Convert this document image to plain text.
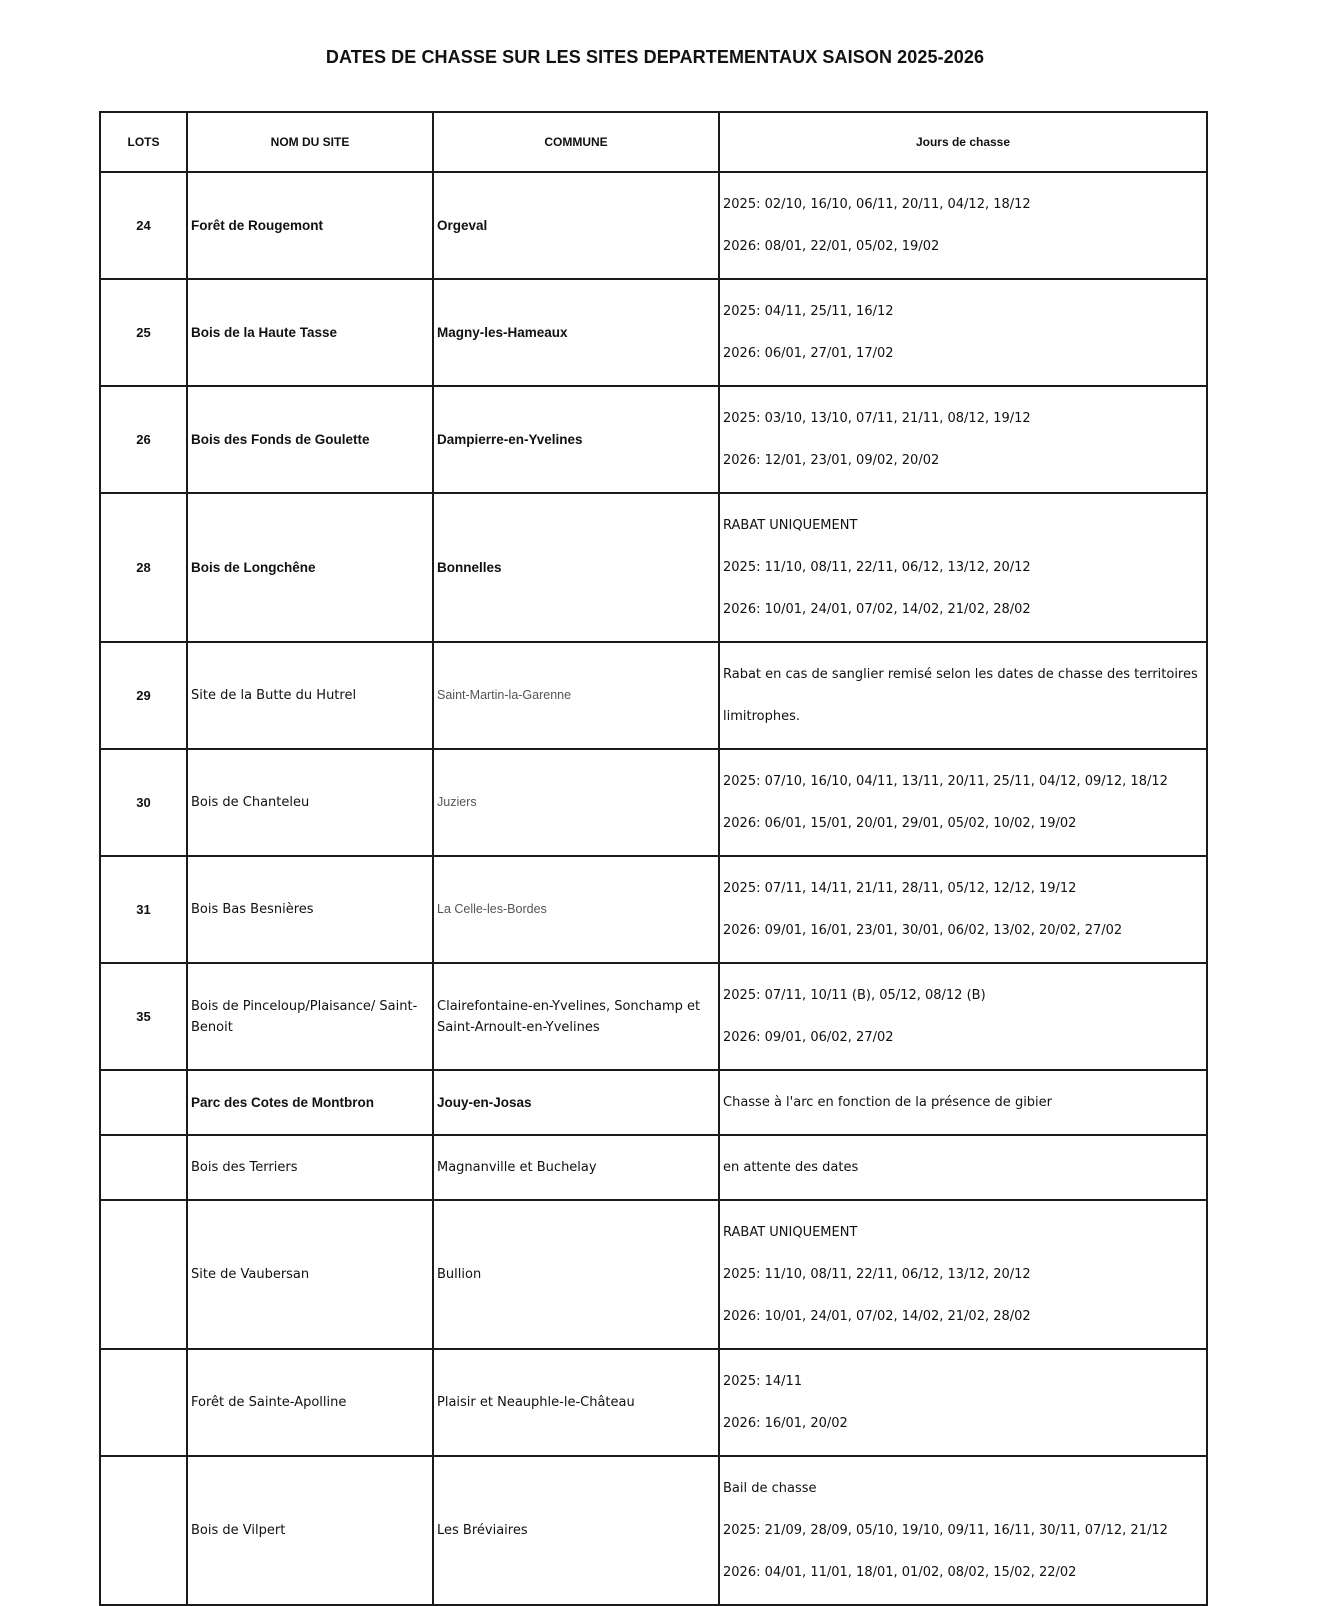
DATES DE CHASSE SUR LES SITES DEPARTEMENTAUX SAISON 2025-2026
LOTS	NOM DU SITE	COMMUNE	Jours de chasse
24	Forêt de Rougemont	Orgeval	2025: 02/10, 16/10, 06/11, 20/11, 04/12, 18/12

2026: 08/01, 22/01, 05/02, 19/02

25	Bois de la Haute Tasse	Magny-les-Hameaux	2025: 04/11, 25/11, 16/12

2026: 06/01, 27/01, 17/02

26	Bois des Fonds de Goulette	Dampierre-en-Yvelines	2025: 03/10, 13/10, 07/11, 21/11, 08/12, 19/12

2026: 12/01, 23/01, 09/02, 20/02

28	Bois de Longchêne	Bonnelles	RABAT UNIQUEMENT

2025: 11/10, 08/11, 22/11, 06/12, 13/12, 20/12

2026: 10/01, 24/01, 07/02, 14/02, 21/02, 28/02

29	Site de la Butte du Hutrel	Saint-Martin-la-Garenne	Rabat en cas de sanglier remisé selon les dates de chasse des territoires

limitrophes.

30	Bois de Chanteleu	Juziers	2025: 07/10, 16/10, 04/11, 13/11, 20/11, 25/11, 04/12, 09/12, 18/12

2026: 06/01, 15/01, 20/01, 29/01, 05/02, 10/02, 19/02

31	Bois Bas Besnières	La Celle-les-Bordes	2025: 07/11, 14/11, 21/11, 28/11, 05/12, 12/12, 19/12

2026: 09/01, 16/01, 23/01, 30/01, 06/02, 13/02, 20/02, 27/02

35	Bois de Pinceloup/Plaisance/ Saint-Benoit	Clairefontaine-en-Yvelines, Sonchamp et Saint-Arnoult-en-Yvelines	2025: 07/11, 10/11 (B), 05/12, 08/12 (B)

2026: 09/01, 06/02, 27/02

	Parc des Cotes de Montbron	Jouy-en-Josas	Chasse à l'arc en fonction de la présence de gibier

	Bois des Terriers	Magnanville et Buchelay	en attente des dates

	Site de Vaubersan	Bullion	RABAT UNIQUEMENT

2025: 11/10, 08/11, 22/11, 06/12, 13/12, 20/12

2026: 10/01, 24/01, 07/02, 14/02, 21/02, 28/02

	Forêt de Sainte-Apolline	Plaisir et Neauphle-le-Château	2025: 14/11

2026: 16/01, 20/02

	Bois de Vilpert	Les Bréviaires	Bail de chasse

2025: 21/09, 28/09, 05/10, 19/10, 09/11, 16/11, 30/11, 07/12, 21/12

2026: 04/01, 11/01, 18/01, 01/02, 08/02, 15/02, 22/02
